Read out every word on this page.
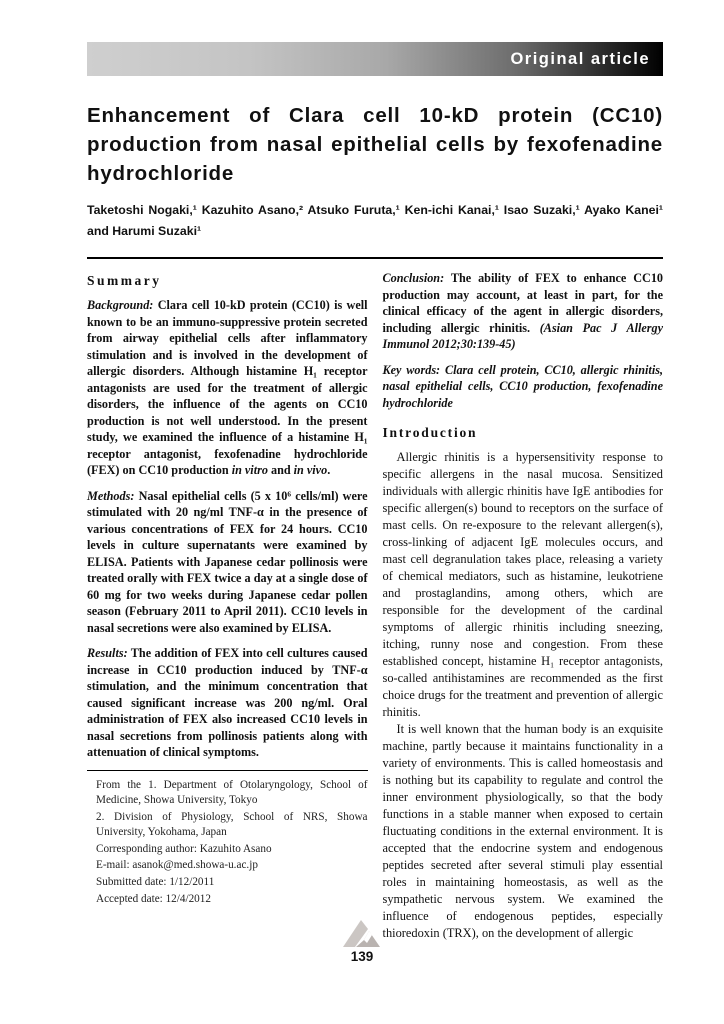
Original article
Enhancement of Clara cell 10-kD protein (CC10) production from nasal epithelial cells by fexofenadine hydrochloride

Taketoshi Nogaki,¹ Kazuhito Asano,² Atsuko Furuta,¹ Ken-ichi Kanai,¹ Isao Suzaki,¹ Ayako Kanei¹ and Harumi Suzaki¹

Summary

Background: Clara cell 10-kD protein (CC10) is well known to be an immuno-suppressive protein secreted from airway epithelial cells after inflammatory stimulation and is involved in the development of allergic disorders. Although histamine H₁ receptor antagonists are used for the treatment of allergic disorders, the influence of the agents on CC10 production is not well understood. In the present study, we examined the influence of a histamine H₁ receptor antagonist, fexofenadine hydrochloride (FEX) on CC10 production in vitro and in vivo.

Methods: Nasal epithelial cells (5 x 10⁶ cells/ml) were stimulated with 20 ng/ml TNF-α in the presence of various concentrations of FEX for 24 hours. CC10 levels in culture supernatants were examined by ELISA. Patients with Japanese cedar pollinosis were treated orally with FEX twice a day at a single dose of 60 mg for two weeks during Japanese cedar pollen season (February 2011 to April 2011). CC10 levels in nasal secretions were also examined by ELISA.

Results: The addition of FEX into cell cultures caused increase in CC10 production induced by TNF-α stimulation, and the minimum concentration that caused significant increase was 200 ng/ml. Oral administration of FEX also increased CC10 levels in nasal secretions from pollinosis patients along with attenuation of clinical symptoms.

From the 1. Department of Otolaryngology, School of Medicine, Showa University, Tokyo

2. Division of Physiology, School of NRS, Showa University, Yokohama, Japan

Corresponding author: Kazuhito Asano

E-mail: asanok@med.showa-u.ac.jp

Submitted date: 1/12/2011

Accepted date: 12/4/2012

Conclusion: The ability of FEX to enhance CC10 production may account, at least in part, for the clinical efficacy of the agent in allergic disorders, including allergic rhinitis. (Asian Pac J Allergy Immunol 2012;30:139-45)

Key words: Clara cell protein, CC10, allergic rhinitis, nasal epithelial cells, CC10 production, fexofenadine hydrochloride

Introduction

Allergic rhinitis is a hypersensitivity response to specific allergens in the nasal mucosa. Sensitized individuals with allergic rhinitis have IgE antibodies for specific allergen(s) bound to receptors on the surface of mast cells. On re-exposure to the relevant allergen(s), cross-linking of adjacent IgE molecules occurs, and mast cell degranulation takes place, releasing a variety of chemical mediators, such as histamine, leukotriene and prostaglandins, among others, which are responsible for the development of the cardinal symptoms of allergic rhinitis including sneezing, itching, runny nose and congestion. From these established concept, histamine H₁ receptor antagonists, so-called antihistamines are recommended as the first choice drugs for the treatment and prevention of allergic rhinitis.

It is well known that the human body is an exquisite machine, partly because it maintains functionality in a variety of environments. This is called homeostasis and is nothing but its capability to regulate and control the inner environment physiologically, so that the body functions in a stable manner when exposed to certain fluctuating conditions in the external environment. It is accepted that the endocrine system and endogenous peptides secreted after several stimuli play essential roles in maintaining homeostasis, as well as the sympathetic nervous system. We examined the influence of endogenous peptides, especially thioredoxin (TRX), on the development of allergic

139
